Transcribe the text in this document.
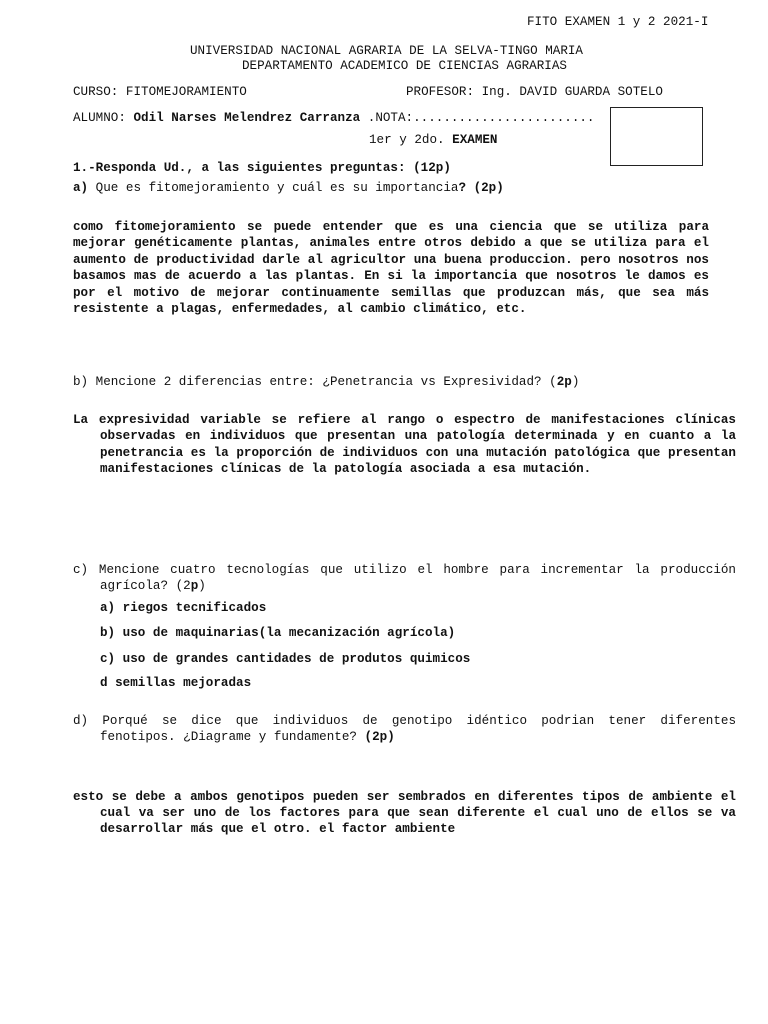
FITO EXAMEN 1 y 2 2021-I
UNIVERSIDAD NACIONAL AGRARIA DE LA SELVA-TINGO MARIA
DEPARTAMENTO ACADEMICO DE CIENCIAS AGRARIAS
CURSO: FITOMEJORAMIENTO	PROFESOR: Ing. DAVID GUARDA SOTELO
ALUMNO: Odil Narses Melendrez Carranza .NOTA:........................
1er y 2do. EXAMEN
1.-Responda Ud., a las siguientes preguntas: (12p)
a) Que es fitomejoramiento y cuál es su importancia? (2p)

como fitomejoramiento se puede entender que es una ciencia que se utiliza para mejorar genéticamente plantas, animales entre otros debido a que se utiliza para el aumento de productividad darle al agricultor una buena produccion. pero nosotros nos basamos mas de acuerdo a las plantas. En si la importancia que nosotros le damos es por el motivo de mejorar continuamente semillas que produzcan más, que sea más resistente a plagas, enfermedades, al cambio climático, etc.

b) Mencione 2 diferencias entre: ¿Penetrancia vs Expresividad? (2p)

La expresividad variable se refiere al rango o espectro de manifestaciones clínicas observadas en individuos que presentan una patología determinada y en cuanto a la penetrancia es la proporción de individuos con una mutación patológica que presentan manifestaciones clínicas de la patología asociada a esa mutación.

c) Mencione cuatro tecnologías que utilizo el hombre para incrementar la producción agrícola? (2p)

a) riegos tecnificados
b) uso de maquinarias(la mecanización agrícola)
c) uso de grandes cantidades de produtos quimicos
d semillas mejoradas

d) Porqué se dice que individuos de genotipo idéntico podrian tener diferentes fenotipos. ¿Diagrame y fundamente? (2p)

esto se debe a ambos genotipos pueden ser sembrados en diferentes tipos de ambiente el cual va ser uno de los factores para que sean diferente el cual uno de ellos se va desarrollar más que el otro. el factor ambiente
